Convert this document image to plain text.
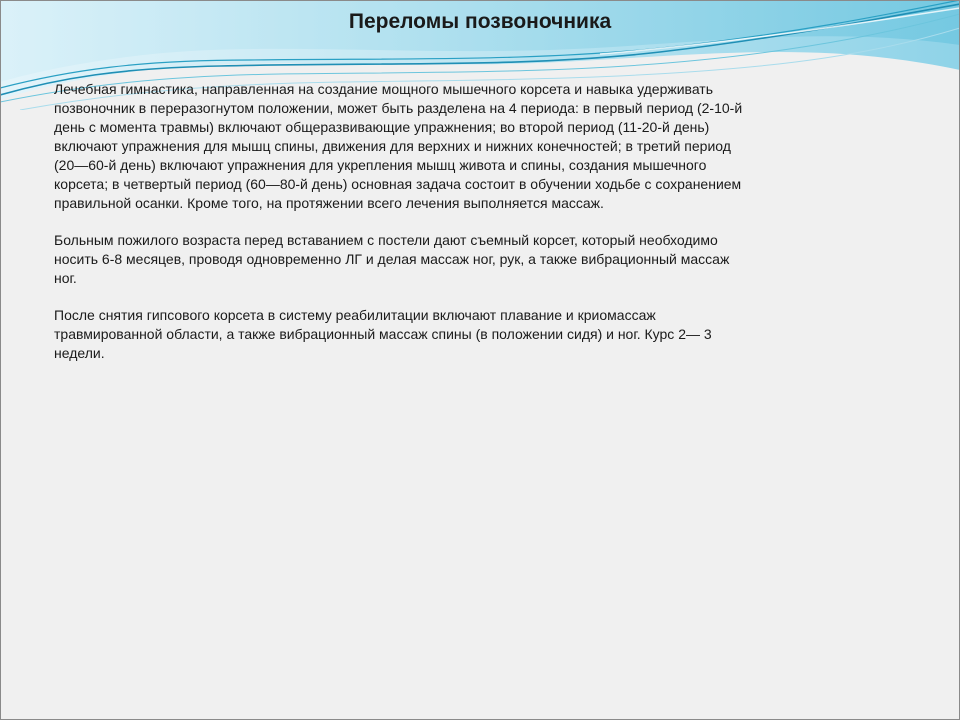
Переломы позвоночника

Лечебная гимнастика, направленная на создание мощного мышечного корсета и навыка удерживать
позвоночник в переразогнутом положении, может быть разделена на 4 периода: в первый период (2-10-й
день с момента травмы) включают общеразвивающие упражнения; во второй период (11-20-й день)
включают упражнения для мышц спины, движения для верхних и нижних конечностей; в третий период
(20—60-й день) включают упражнения для укрепления мышц живота и спины, создания мышечного
корсета; в четвертый период (60—80-й день) основная задача состоит в обучении ходьбе с сохранением
правильной осанки. Кроме того, на протяжении всего лечения выполняется массаж.

Больным пожилого возраста перед вставанием с постели дают съемный корсет, который необходимо
носить 6-8 месяцев, проводя одновременно ЛГ и делая массаж ног, рук, а также вибрационный массаж
ног.

После снятия гипсового корсета в систему реабилитации включают плавание и криомассаж
травмированной области, а также вибрационный массаж спины (в положении сидя) и ног. Курс 2— 3
недели.
